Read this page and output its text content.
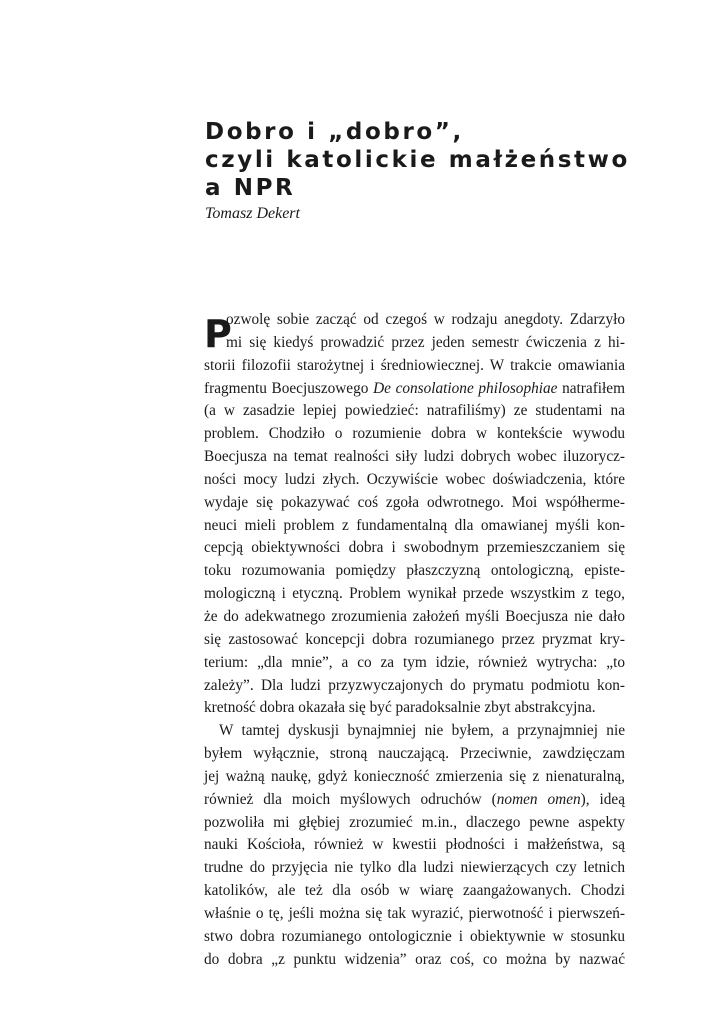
Dobro i „dobro”,
czyli katolickie małżeństwo
a NPR
Tomasz Dekert
P
ozwolę sobie zacząć od czegoś w rodzaju anegdoty. Zdarzyło
mi się kiedyś prowadzić przez jeden semestr ćwiczenia z hi-
storii filozofii starożytnej i średniowiecznej. W trakcie omawiania
fragmentu Boecjuszowego De consolatione philosophiae natrafiłem
(a w zasadzie lepiej powiedzieć: natrafiliśmy) ze studentami na
problem. Chodziło o rozumienie dobra w kontekście wywodu
Boecjusza na temat realności siły ludzi dobrych wobec iluzorycz-
ności mocy ludzi złych. Oczywiście wobec doświadczenia, które
wydaje się pokazywać coś zgoła odwrotnego. Moi współherme-
neuci mieli problem z fundamentalną dla omawianej myśli kon-
cepcją obiektywności dobra i swobodnym przemieszczaniem się
toku rozumowania pomiędzy płaszczyzną ontologiczną, episte-
mologiczną i etyczną. Problem wynikał przede wszystkim z tego,
że do adekwatnego zrozumienia założeń myśli Boecjusza nie dało
się zastosować koncepcji dobra rozumianego przez pryzmat kry-
terium: „dla mnie”, a co za tym idzie, również wytrycha: „to
zależy”. Dla ludzi przyzwyczajonych do prymatu podmiotu kon-
kretność dobra okazała się być paradoksalnie zbyt abstrakcyjna.
W tamtej dyskusji bynajmniej nie byłem, a przynajmniej nie
byłem wyłącznie, stroną nauczającą. Przeciwnie, zawdzięczam
jej ważną naukę, gdyż konieczność zmierzenia się z nienaturalną,
również dla moich myślowych odruchów (nomen omen), ideą
pozwoliła mi głębiej zrozumieć m.in., dlaczego pewne aspekty
nauki Kościoła, również w kwestii płodności i małżeństwa, są
trudne do przyjęcia nie tylko dla ludzi niewierzących czy letnich
katolików, ale też dla osób w wiarę zaangażowanych. Chodzi
właśnie o tę, jeśli można się tak wyrazić, pierwotność i pierwszeń-
stwo dobra rozumianego ontologicznie i obiektywnie w stosunku
do dobra „z punktu widzenia” oraz coś, co można by nazwać
